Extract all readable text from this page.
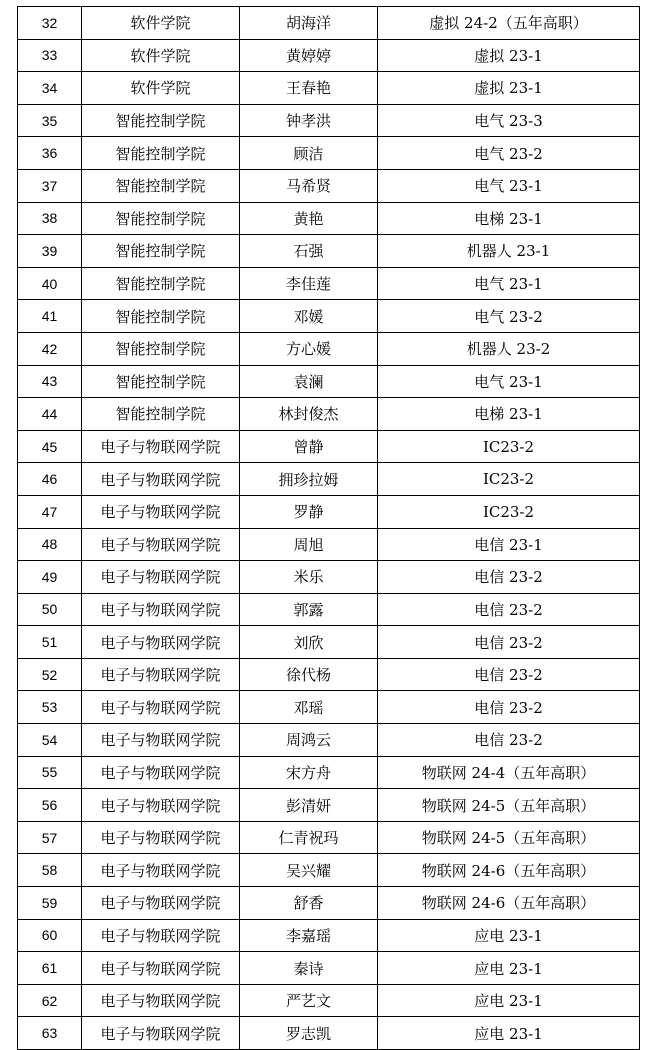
32	软件学院	胡海洋	虚拟 24-2（五年高职）
33	软件学院	黄婷婷	虚拟 23-1
34	软件学院	王春艳	虚拟 23-1
35	智能控制学院	钟孝洪	电气 23-3
36	智能控制学院	顾洁	电气 23-2
37	智能控制学院	马希贤	电气 23-1
38	智能控制学院	黄艳	电梯 23-1
39	智能控制学院	石强	机器人 23-1
40	智能控制学院	李佳莲	电气 23-1
41	智能控制学院	邓媛	电气 23-2
42	智能控制学院	方心媛	机器人 23-2
43	智能控制学院	袁澜	电气 23-1
44	智能控制学院	林封俊杰	电梯 23-1
45	电子与物联网学院	曾静	IC23-2
46	电子与物联网学院	拥珍拉姆	IC23-2
47	电子与物联网学院	罗静	IC23-2
48	电子与物联网学院	周旭	电信 23-1
49	电子与物联网学院	米乐	电信 23-2
50	电子与物联网学院	郭露	电信 23-2
51	电子与物联网学院	刘欣	电信 23-2
52	电子与物联网学院	徐代杨	电信 23-2
53	电子与物联网学院	邓瑶	电信 23-2
54	电子与物联网学院	周鸿云	电信 23-2
55	电子与物联网学院	宋方舟	物联网 24-4（五年高职）
56	电子与物联网学院	彭清妍	物联网 24-5（五年高职）
57	电子与物联网学院	仁青祝玛	物联网 24-5（五年高职）
58	电子与物联网学院	吴兴耀	物联网 24-6（五年高职）
59	电子与物联网学院	舒香	物联网 24-6（五年高职）
60	电子与物联网学院	李嘉瑶	应电 23-1
61	电子与物联网学院	秦诗	应电 23-1
62	电子与物联网学院	严艺文	应电 23-1
63	电子与物联网学院	罗志凯	应电 23-1
